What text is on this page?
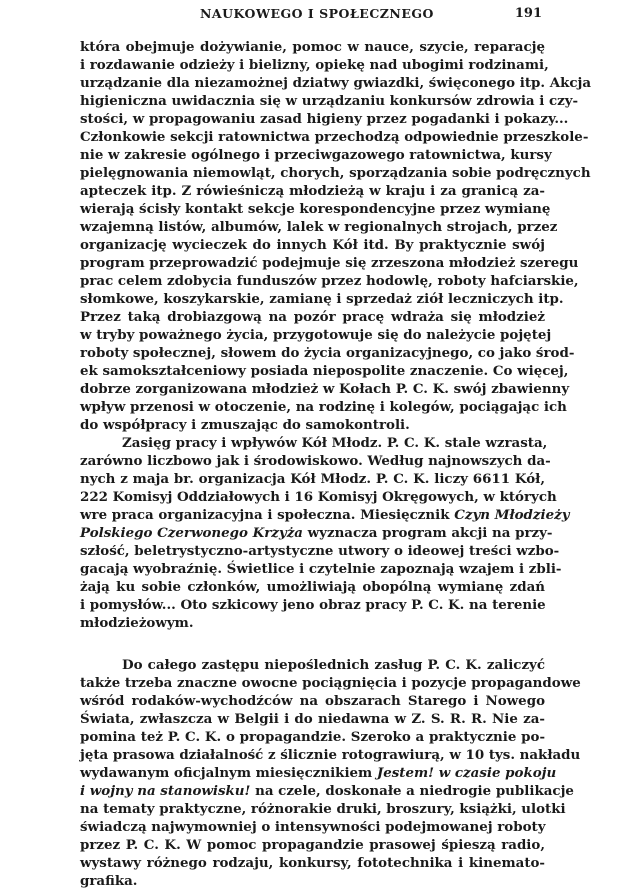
NAUKOWEGO I SPOŁECZNEGO	191
która obejmuje dożywianie, pomoc w nauce, szycie, reparację
i rozdawanie odzieży i bielizny, opiekę nad ubogimi rodzinami,
urządzanie dla niezamożnej dziatwy gwiazdki, święconego itp. Akcja
higieniczna uwidacznia się w urządzaniu konkursów zdrowia i czy-
stości, w propagowaniu zasad higieny przez pogadanki i pokazy...
Członkowie sekcji ratownictwa przechodzą odpowiednie przeszkole-
nie w zakresie ogólnego i przeciwgazowego ratownictwa, kursy
pielęgnowania niemowląt, chorych, sporządzania sobie podręcznych
apteczek itp. Z rówieśniczą młodzieżą w kraju i za granicą za-
wierają ścisły kontakt sekcje korespondencyjne przez wymianę
wzajemną listów, albumów, lalek w regionalnych strojach, przez
organizację wycieczek do innych Kół itd. By praktycznie swój
program przeprowadzić podejmuje się zrzeszona młodzież szeregu
prac celem zdobycia funduszów przez hodowlę, roboty hafciarskie,
słomkowe, koszykarskie, zamianę i sprzedaż ziół leczniczych itp.
Przez taką drobiazgową na pozór pracę wdraża się młodzież
w tryby poważnego życia, przygotowuje się do należycie pojętej
roboty społecznej, słowem do życia organizacyjnego, co jako środ-
ek samokształceniowy posiada niepospolite znaczenie. Co więcej,
dobrze zorganizowana młodzież w Kołach P. C. K. swój zbawienny
wpływ przenosi w otoczenie, na rodzinę i kolegów, pociągając ich
do współpracy i zmuszając do samokontroli.
Zasięg pracy i wpływów Kół Młodz. P. C. K. stale wzrasta,
zarówno liczbowo jak i środowiskowo. Według najnowszych da-
nych z maja br. organizacja Kół Młodz. P. C. K. liczy 6611 Kół,
222 Komisyj Oddziałowych i 16 Komisyj Okręgowych, w których
wre praca organizacyjna i społeczna. Miesięcznik Czyn Młodzieży
Polskiego Czerwonego Krzyża wyznacza program akcji na przy-
szłość, beletrystyczno-artystyczne utwory o ideowej treści wzbo-
gacają wyobraźnię. Świetlice i czytelnie zapoznają wzajem i zbli-
żają ku sobie członków, umożliwiają obopólną wymianę zdań
i pomysłów... Oto szkicowy jeno obraz pracy P. C. K. na terenie
młodzieżowym.
Do całego zastępu niepoślednich zasług P. C. K. zaliczyć
także trzeba znaczne owocne pociągnięcia i pozycje propagandowe
wśród rodaków-wychodźców na obszarach Starego i Nowego
Świata, zwłaszcza w Belgii i do niedawna w Z. S. R. R. Nie za-
pomina też P. C. K. o propagandzie. Szeroko a praktycznie po-
jęta prasowa działalność z ślicznie rotograwiurą, w 10 tys. nakładu
wydawanym oficjalnym miesięcznikiem Jestem! w czasie pokoju
i wojny na stanowisku! na czele, doskonałe a niedrogie publikacje
na tematy praktyczne, różnorakie druki, broszury, książki, ulotki
świadczą najwymowniej o intensywności podejmowanej roboty
przez P. C. K. W pomoc propagandzie prasowej śpieszą radio,
wystawy różnego rodzaju, konkursy, fototechnika i kinemato-
grafika.
